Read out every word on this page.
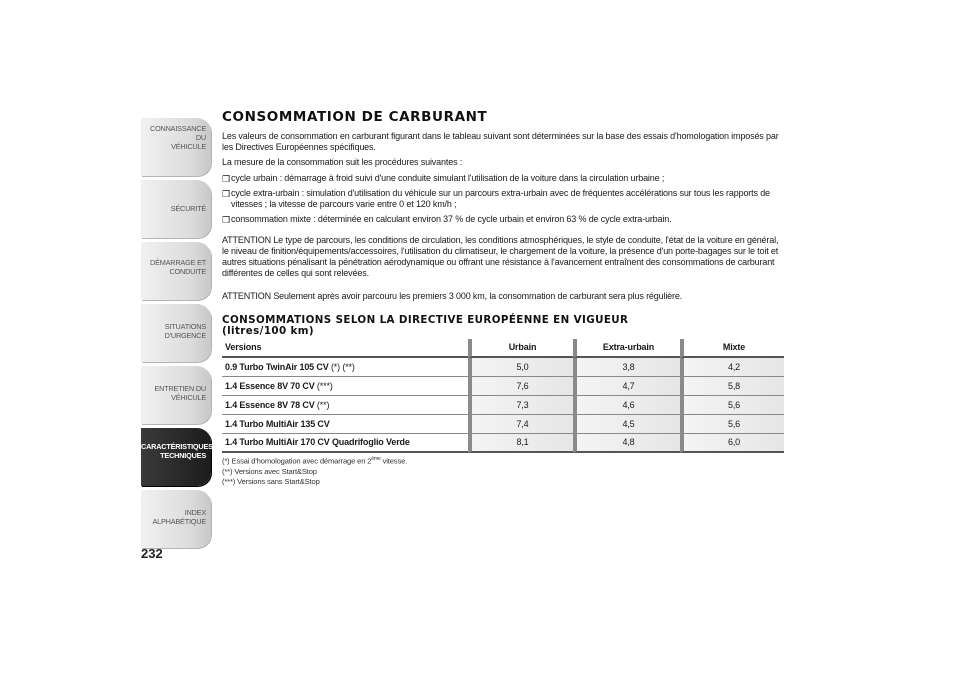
CONNAISSANCE DU
VÉHICULE
SÉCURITÉ
DÉMARRAGE ET
CONDUITE
SITUATIONS
D'URGENCE
ENTRETIEN DU
VÉHICULE
CARACTÉRISTIQUES
TECHNIQUES
INDEX
ALPHABÉTIQUE
232
CONSOMMATION DE CARBURANT

Les valeurs de consommation en carburant figurant dans le tableau suivant sont déterminées sur la base des essais d'homologation imposés par les Directives Européennes spécifiques.

La mesure de la consommation suit les procédures suivantes :

❒ cycle urbain : démarrage à froid suivi d'une conduite simulant l'utilisation de la voiture dans la circulation urbaine ;
❒ cycle extra-urbain : simulation d'utilisation du véhicule sur un parcours extra-urbain avec de fréquentes accélérations sur tous les rapports de vitesses ; la vitesse de parcours varie entre 0 et 120 km/h ;
❒ consommation mixte : déterminée en calculant environ 37 % de cycle urbain et environ 63 % de cycle extra-urbain.

ATTENTION Le type de parcours, les conditions de circulation, les conditions atmosphériques, le style de conduite, l'état de la voiture en général, le niveau de finition/équipements/accessoires, l'utilisation du climatiseur, le chargement de la voiture, la présence d'un porte-bagages sur le toit et autres situations pénalisant la pénétration aérodynamique ou offrant une résistance à l'avancement entraînent des consommations de carburant différentes de celles qui sont relevées.

ATTENTION Seulement après avoir parcouru les premiers 3 000 km, la consommation de carburant sera plus régulière.

CONSOMMATIONS SELON LA DIRECTIVE EUROPÉENNE EN VIGUEUR
(litres/100 km)
Versions	Urbain	Extra-urbain	Mixte
0.9 Turbo TwinAir 105 CV (*) (**)	5,0	3,8	4,2
1.4 Essence 8V 70 CV (***)	7,6	4,7	5,8
1.4 Essence 8V 78 CV (**)	7,3	4,6	5,6
1.4 Turbo MultiAir 135 CV	7,4	4,5	5,6
1.4 Turbo MultiAir 170 CV Quadrifoglio Verde	8,1	4,8	6,0
(*) Essai d'homologation avec démarrage en 2ème vitesse.
(**) Versions avec Start&Stop
(***) Versions sans Start&Stop
